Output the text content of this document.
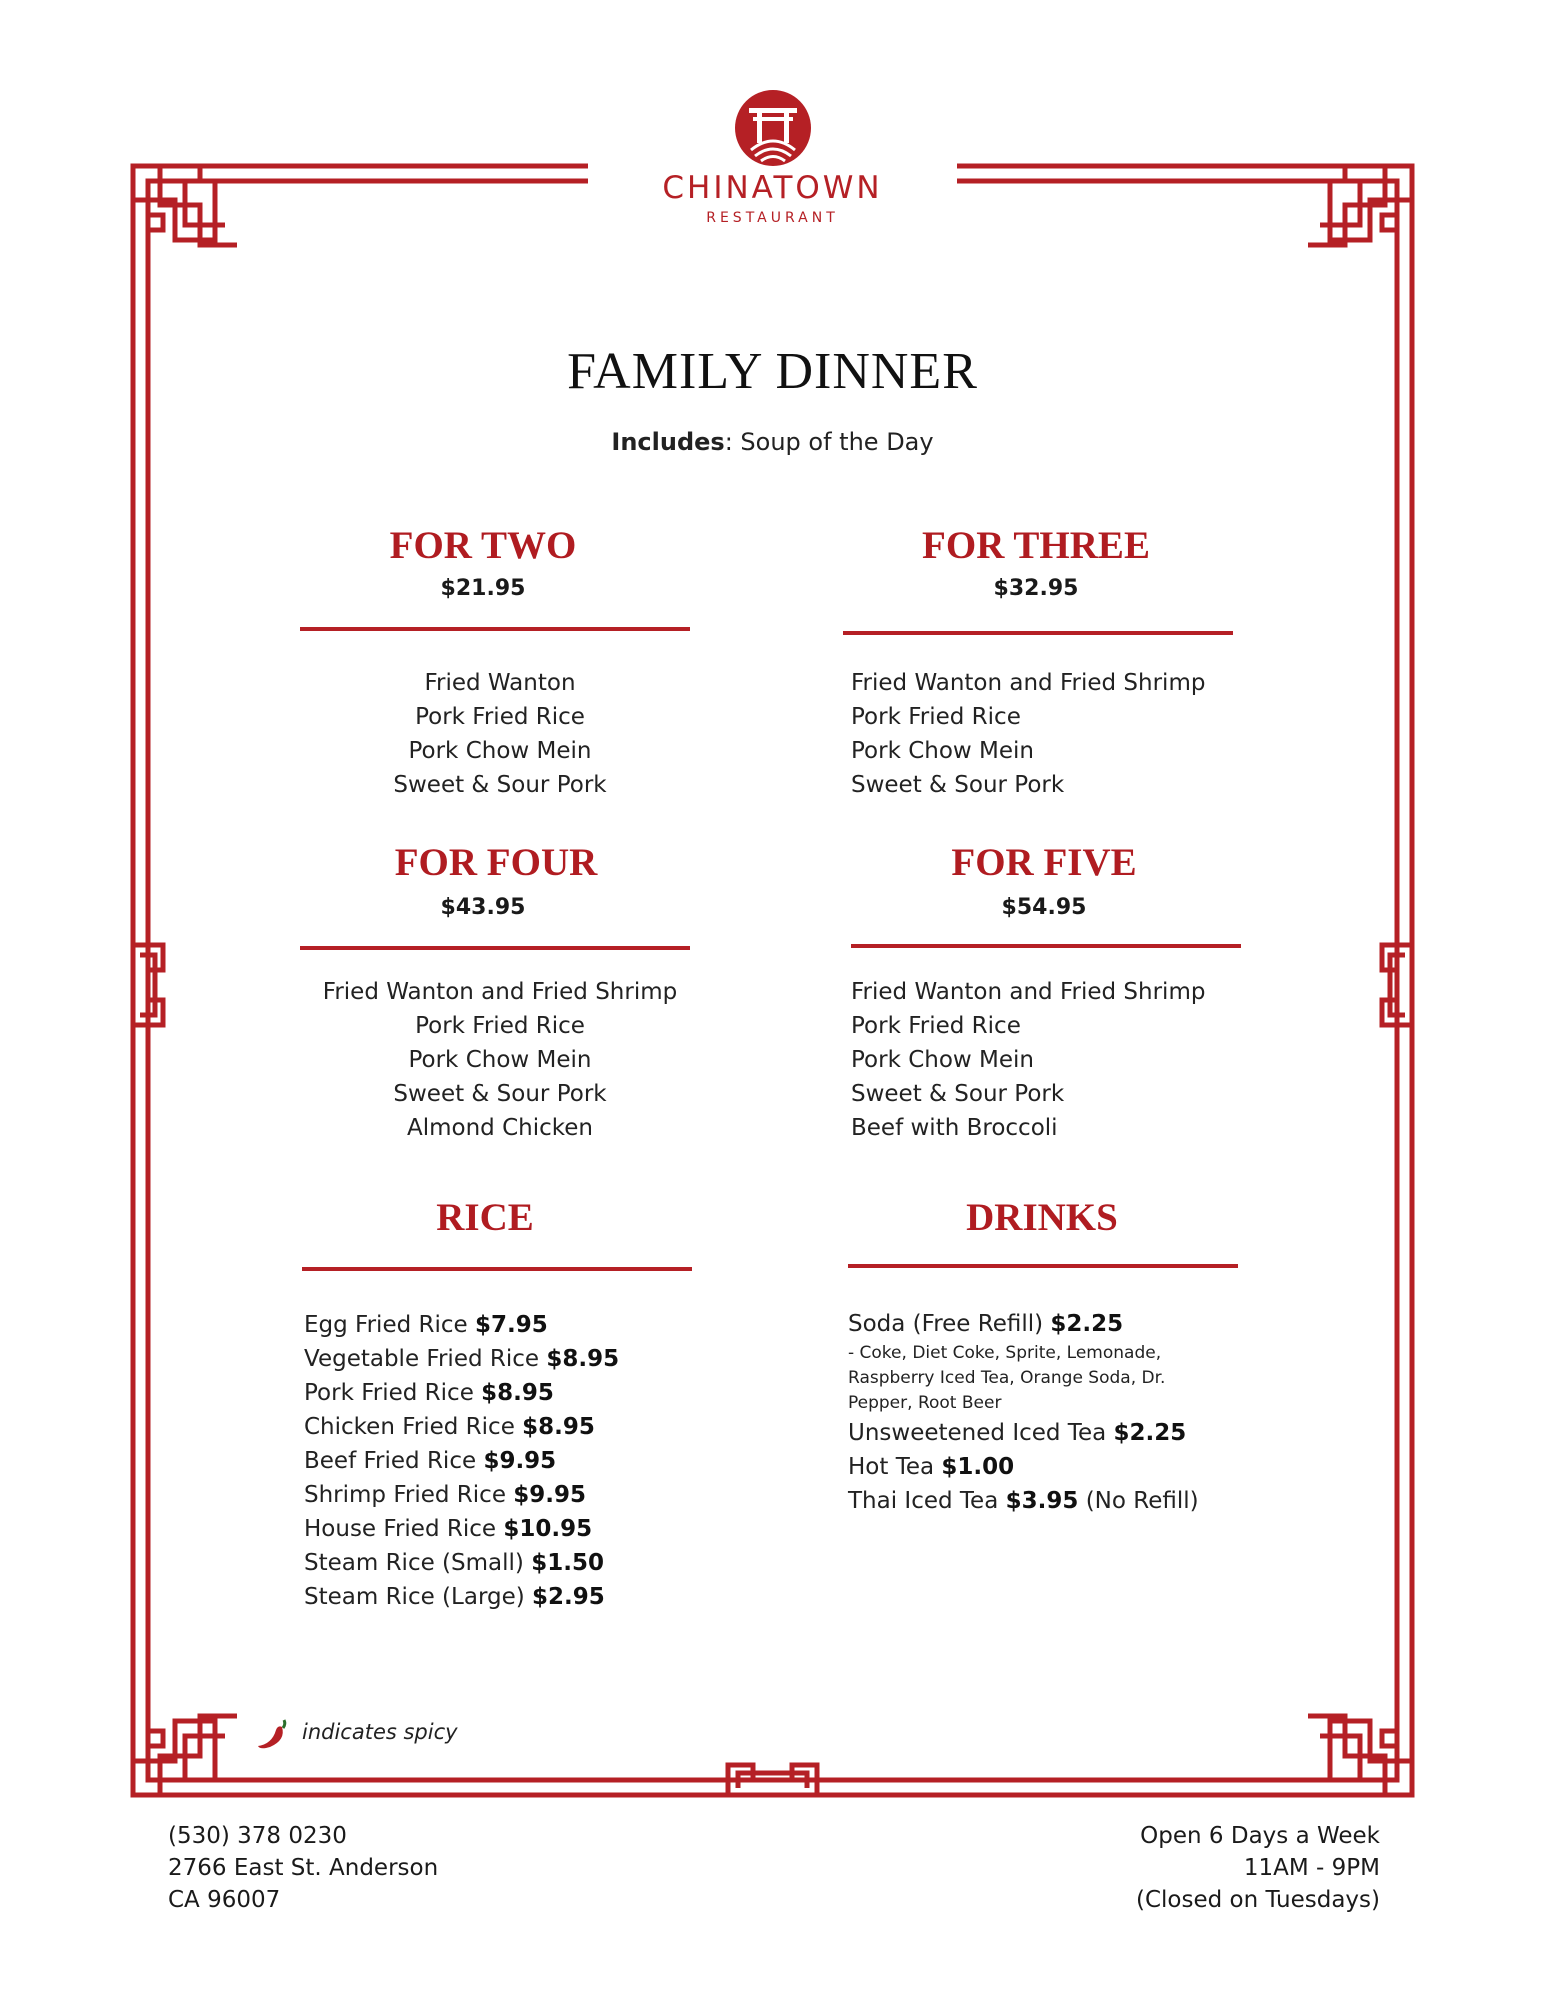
CHINATOWN
RESTAURANT
FAMILY DINNER
Includes: Soup of the Day
FOR TWO
$21.95
Fried Wanton
Pork Fried Rice
Pork Chow Mein
Sweet & Sour Pork
FOR THREE
$32.95
Fried Wanton and Fried Shrimp
Pork Fried Rice
Pork Chow Mein
Sweet & Sour Pork
FOR FOUR
$43.95
Fried Wanton and Fried Shrimp
Pork Fried Rice
Pork Chow Mein
Sweet & Sour Pork
Almond Chicken
FOR FIVE
$54.95
Fried Wanton and Fried Shrimp
Pork Fried Rice
Pork Chow Mein
Sweet & Sour Pork
Beef with Broccoli
RICE
Egg Fried Rice $7.95
Vegetable Fried Rice $8.95
Pork Fried Rice $8.95
Chicken Fried Rice $8.95
Beef Fried Rice $9.95
Shrimp Fried Rice $9.95
House Fried Rice $10.95
Steam Rice (Small) $1.50
Steam Rice (Large) $2.95
DRINKS
Soda (Free Refill) $2.25
- Coke, Diet Coke, Sprite, Lemonade, Raspberry Iced Tea, Orange Soda, Dr. Pepper, Root Beer
Unsweetened Iced Tea $2.25
Hot Tea $1.00
Thai Iced Tea $3.95 (No Refill)
indicates spicy
(530) 378 0230
2766 East St. Anderson
CA 96007
Open 6 Days a Week
11AM - 9PM
(Closed on Tuesdays)
